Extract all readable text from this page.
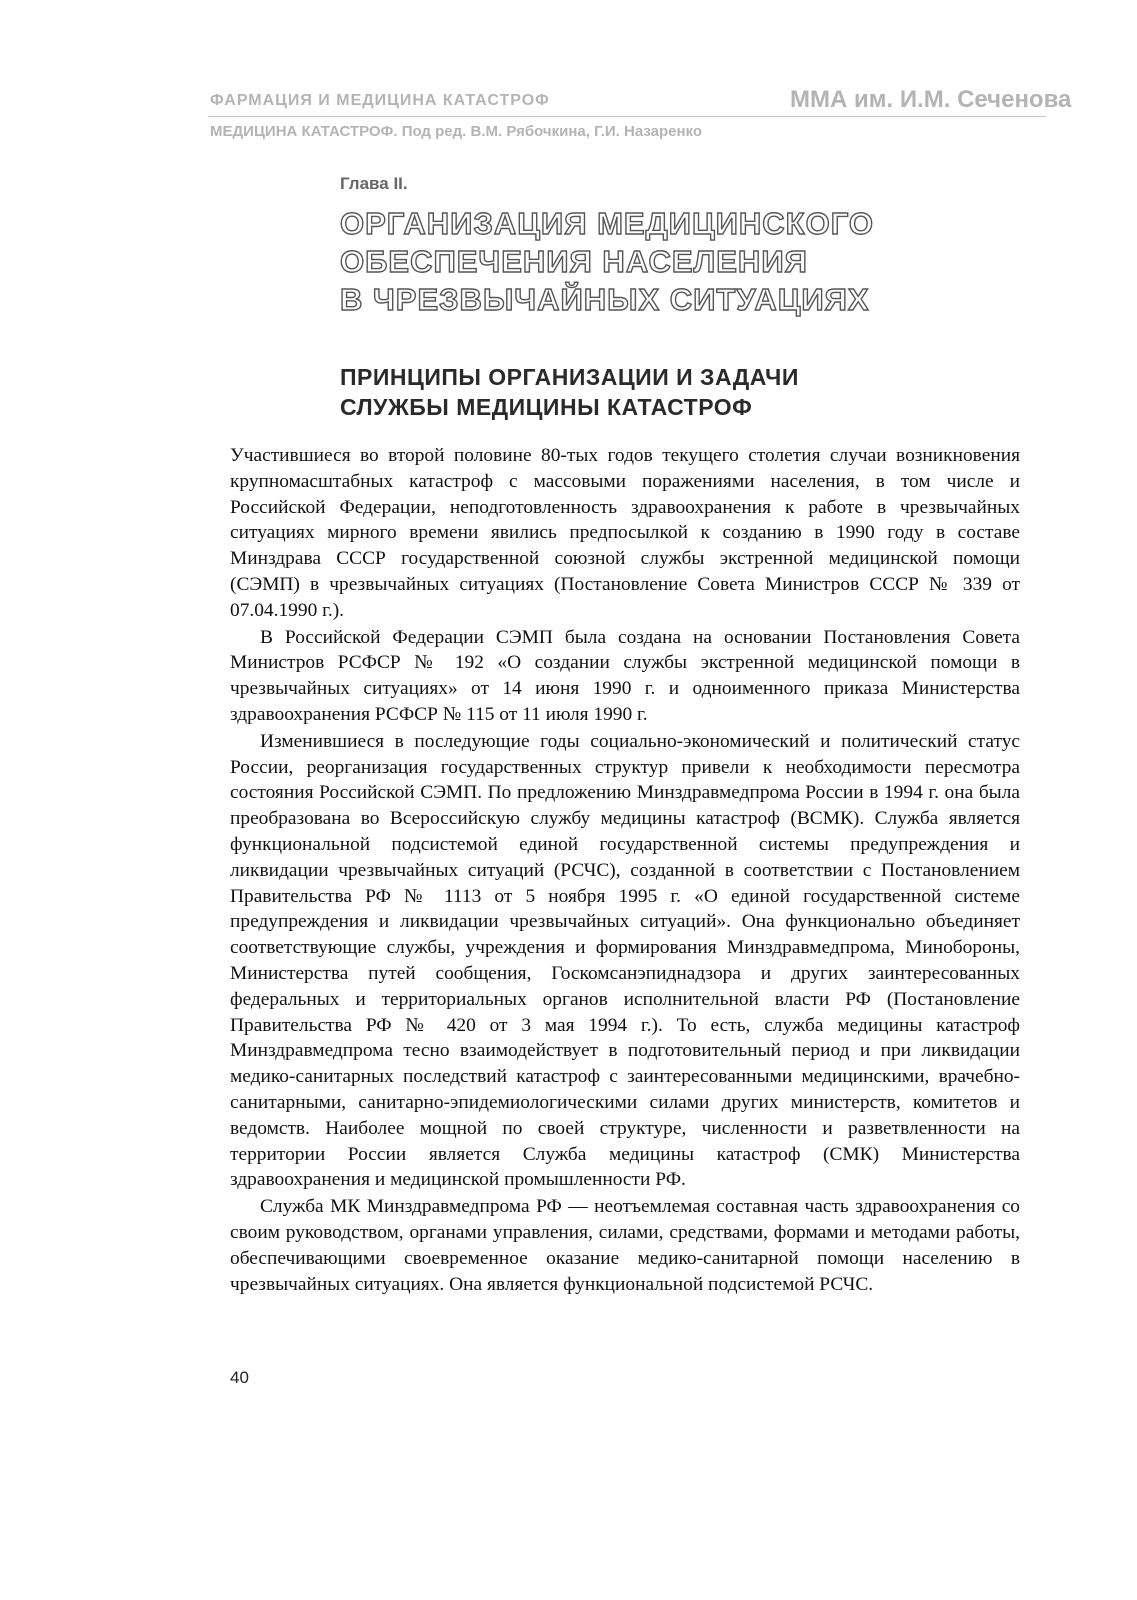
ФАРМАЦИЯ И МЕДИЦИНА КАТАСТРОФ	ММА им. И.М. Сеченова
МЕДИЦИНА КАТАСТРОФ. Под ред. В.М. Рябочкина, Г.И. Назаренко
Глава II.
ОРГАНИЗАЦИЯ МЕДИЦИНСКОГО
ОБЕСПЕЧЕНИЯ НАСЕЛЕНИЯ
В ЧРЕЗВЫЧАЙНЫХ СИТУАЦИЯХ
ПРИНЦИПЫ ОРГАНИЗАЦИИ И ЗАДАЧИ
СЛУЖБЫ МЕДИЦИНЫ КАТАСТРОФ

Участившиеся во второй половине 80-тых годов текущего столетия случаи возникновения крупномасштабных катастроф с массовыми поражениями населения, в том числе и Российской Федерации, неподготовленность здравоохранения к работе в чрезвычайных ситуациях мирного времени явились предпосылкой к созданию в 1990 году в составе Минздрава СССР государственной союзной службы экстренной медицинской помощи (СЭМП) в чрезвычайных ситуациях (Постановление Совета Министров СССР № 339 от 07.04.1990 г.).

В Российской Федерации СЭМП была создана на основании Постановления Совета Министров РСФСР № 192 «О создании службы экстренной медицинской помощи в чрезвычайных ситуациях» от 14 июня 1990 г. и одноименного приказа Министерства здравоохранения РСФСР № 115 от 11 июля 1990 г.

Изменившиеся в последующие годы социально-экономический и политический статус России, реорганизация государственных структур привели к необходимости пересмотра состояния Российской СЭМП. По предложению Минздравмедпрома России в 1994 г. она была преобразована во Всероссийскую службу медицины катастроф (ВСМК). Служба является функциональной подсистемой единой государственной системы предупреждения и ликвидации чрезвычайных ситуаций (РСЧС), созданной в соответствии с Постановлением Правительства РФ № 1113 от 5 ноября 1995 г. «О единой государственной системе предупреждения и ликвидации чрезвычайных ситуаций». Она функционально объединяет соответствующие службы, учреждения и формирования Минздравмедпрома, Минобороны, Министерства путей сообщения, Госкомсанэпиднадзора и других заинтересованных федеральных и территориальных органов исполнительной власти РФ (Постановление Правительства РФ № 420 от 3 мая 1994 г.). То есть, служба медицины катастроф Минздравмедпрома тесно взаимодействует в подготовительный период и при ликвидации медико-санитарных последствий катастроф с заинтересованными медицинскими, врачебно-санитарными, санитарно-эпидемиологическими силами других министерств, комитетов и ведомств. Наиболее мощной по своей структуре, численности и разветвленности на территории России является Служба медицины катастроф (СМК) Министерства здравоохранения и медицинской промышленности РФ.

Служба МК Минздравмедпрома РФ — неотъемлемая составная часть здравоохранения со своим руководством, органами управления, силами, средствами, формами и методами работы, обеспечивающими своевременное оказание медико-санитарной помощи населению в чрезвычайных ситуациях. Она является функциональной подсистемой РСЧС.

40
